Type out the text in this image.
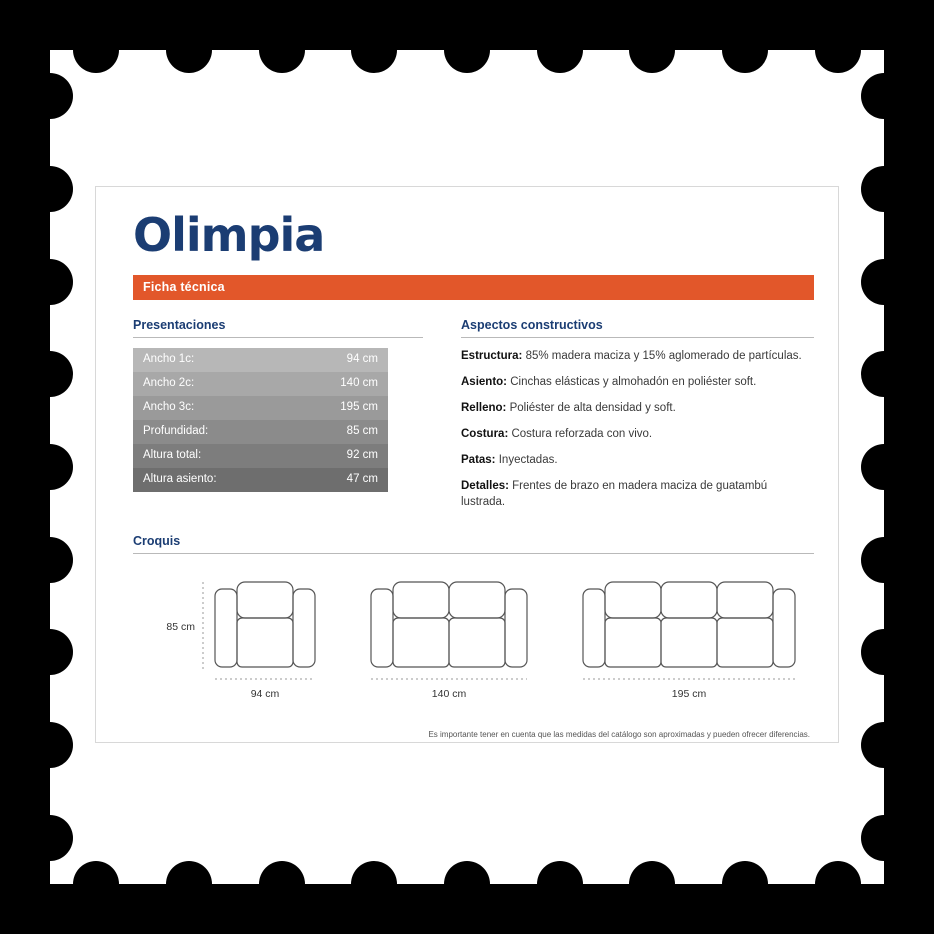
Olimpia
Ficha técnica
Presentaciones
Ancho 1c:	94 cm
Ancho 2c:	140 cm
Ancho 3c:	195 cm
Profundidad:	85 cm
Altura total:	92 cm
Altura asiento:	47 cm
Aspectos constructivos
Estructura: 85% madera maciza y 15% aglomerado de partículas.
Asiento: Cinchas elásticas y almohadón en poliéster soft.
Relleno: Poliéster de alta densidad y soft.
Costura: Costura reforzada con vivo.
Patas: Inyectadas.
Detalles: Frentes de brazo en madera maciza de guatambú lustrada.
Croquis
85 cm
94 cm	140 cm	195 cm
Es importante tener en cuenta que las medidas del catálogo son aproximadas y pueden ofrecer diferencias.
